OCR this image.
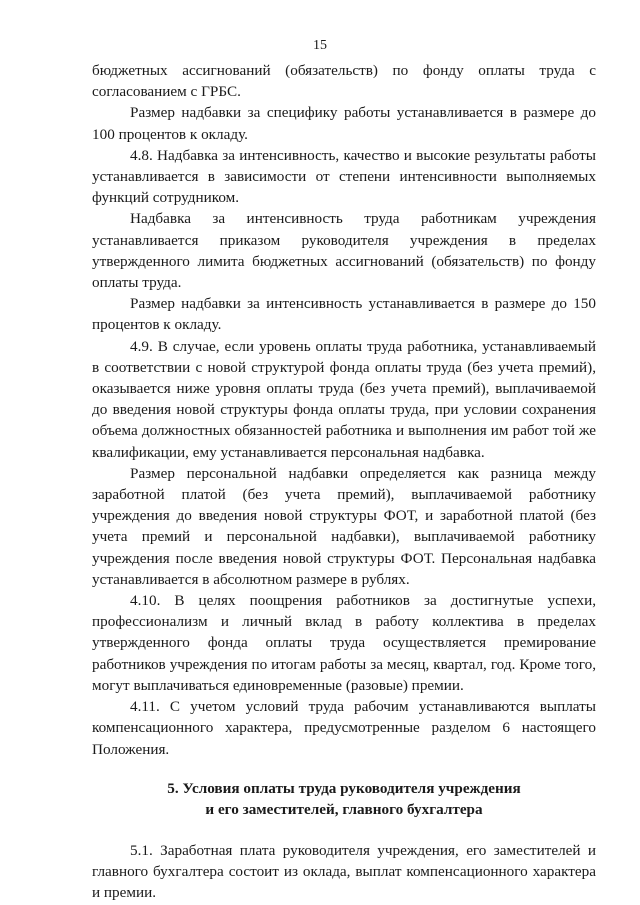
15

бюджетных ассигнований (обязательств) по фонду оплаты труда с согласованием с ГРБС.

Размер надбавки за специфику работы устанавливается в размере до 100 процентов к окладу.

4.8. Надбавка за интенсивность, качество и высокие результаты работы устанавливается в зависимости от степени интенсивности выполняемых функций сотрудником.

Надбавка за интенсивность труда работникам учреждения устанавливается приказом руководителя учреждения в пределах утвержденного лимита бюджетных ассигнований (обязательств) по фонду оплаты труда.

Размер надбавки за интенсивность устанавливается в размере до 150 процентов к окладу.

4.9. В случае, если уровень оплаты труда работника, устанавливаемый в соответствии с новой структурой фонда оплаты труда (без учета премий), оказывается ниже уровня оплаты труда (без учета премий), выплачиваемой до введения новой структуры фонда оплаты труда, при условии сохранения объема должностных обязанностей работника и выполнения им работ той же квалификации, ему устанавливается персональная надбавка.

Размер персональной надбавки определяется как разница между заработной платой (без учета премий), выплачиваемой работнику учреждения до введения новой структуры ФОТ, и заработной платой (без учета премий и персональной надбавки), выплачиваемой работнику учреждения после введения новой структуры ФОТ. Персональная надбавка устанавливается в абсолютном размере в рублях.

4.10. В целях поощрения работников за достигнутые успехи, профессионализм и личный вклад в работу коллектива в пределах утвержденного фонда оплаты труда осуществляется премирование работников учреждения по итогам работы за месяц, квартал, год. Кроме того, могут выплачиваться единовременные (разовые) премии.

4.11. С учетом условий труда рабочим устанавливаются выплаты компенсационного характера, предусмотренные разделом 6 настоящего Положения.

5. Условия оплаты труда руководителя учреждения
и его заместителей, главного бухгалтера

5.1. Заработная плата руководителя учреждения, его заместителей и главного бухгалтера состоит из оклада, выплат компенсационного характера и премии.
